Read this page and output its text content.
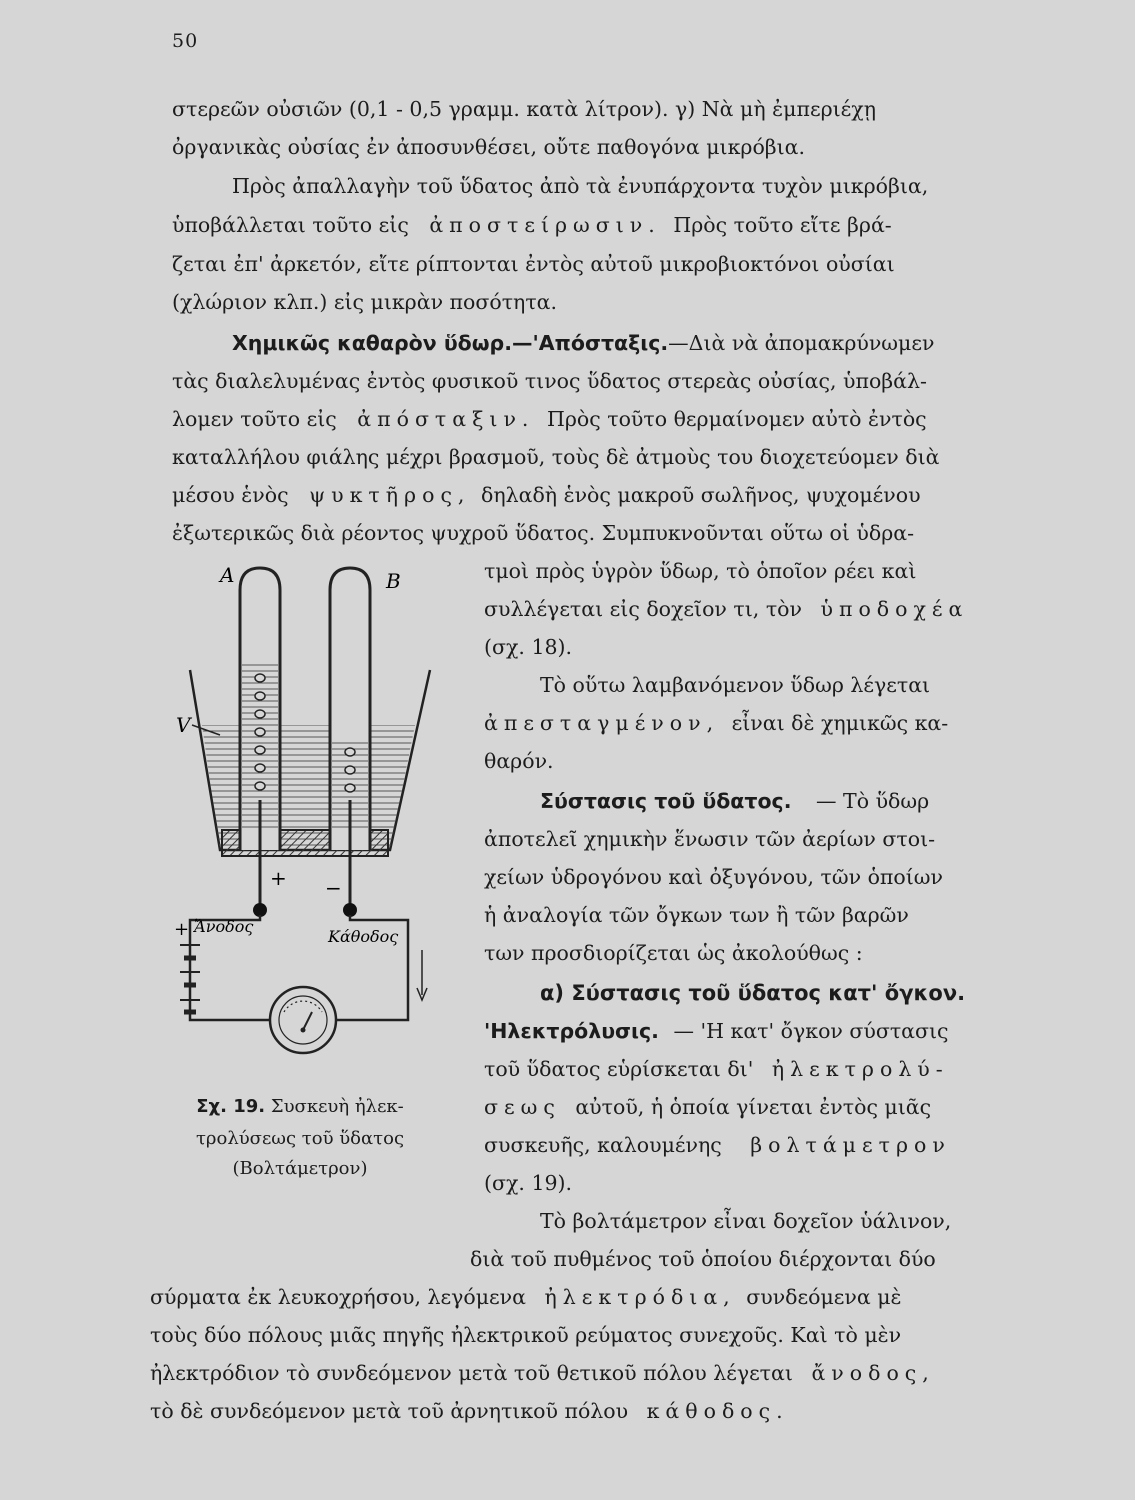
50
στερεῶν οὐσιῶν (0,1 - 0,5 γραμμ. κατὰ λίτρον). γ) Νὰ μὴ ἐμπεριέχῃ
ὀργανικὰς οὐσίας ἐν ἀποσυνθέσει, οὔτε παθογόνα μικρόβια.
Πρὸς ἀπαλλαγὴν τοῦ ὕδατος ἀπὸ τὰ ἐνυπάρχοντα τυχὸν μικρόβια,
ὑποβάλλεται τοῦτο εἰς ἀποστείρωσιν. Πρὸς τοῦτο εἴτε βρά-
ζεται ἐπ' ἀρκετόν, εἴτε ρίπτονται ἐντὸς αὐτοῦ μικροβιοκτόνοι οὐσίαι
(χλώριον κλπ.) εἰς μικρὰν ποσότητα.
Χημικῶς καθαρὸν ὕδωρ.—'Απόσταξις.—Διὰ νὰ ἀπομακρύνωμεν
τὰς διαλελυμένας ἐντὸς φυσικοῦ τινος ὕδατος στερεὰς οὐσίας, ὑποβάλ-
λομεν τοῦτο εἰς ἀπόσταξιν. Πρὸς τοῦτο θερμαίνομεν αὐτὸ ἐντὸς
καταλλήλου φιάλης μέχρι βρασμοῦ, τοὺς δὲ ἀτμοὺς του διοχετεύομεν διὰ
μέσου ἑνὸς ψυκτῆρος, δηλαδὴ ἑνὸς μακροῦ σωλῆνος, ψυχομένου
ἐξωτερικῶς διὰ ρέοντος ψυχροῦ ὕδατος. Συμπυκνοῦνται οὕτω οἱ ὑδρα-
τμοὶ πρὸς ὑγρὸν ὕδωρ, τὸ ὁποῖον ρέει καὶ
συλλέγεται εἰς δοχεῖον τι, τὸν ὑποδοχέα
(σχ. 18).
Τὸ οὕτω λαμβανόμενον ὕδωρ λέγεται
ἀπεσταγμένον, εἶναι δὲ χημικῶς κα-
θαρόν.
Σύστασις τοῦ ὕδατος. — Τὸ ὕδωρ
ἀποτελεῖ χημικὴν ἕνωσιν τῶν ἀερίων στοι-
χείων ὑδρογόνου καὶ ὀξυγόνου, τῶν ὁποίων
ἡ ἀναλογία τῶν ὄγκων των ἢ τῶν βαρῶν
των προσδιορίζεται ὡς ἀκολούθως :
α) Σύστασις τοῦ ὕδατος κατ' ὄγκον.
'Ηλεκτρόλυσις. — 'Η κατ' ὄγκον σύστασις
τοῦ ὕδατος εὑρίσκεται δι' ἠλεκτρολύ-
σεως αὐτοῦ, ἡ ὁποία γίνεται ἐντὸς μιᾶς
συσκευῆς, καλουμένης βολτάμετρον
(σχ. 19).
Τὸ βολτάμετρον εἶναι δοχεῖον ὑάλινον,
διὰ τοῦ πυθμένος τοῦ ὁποίου διέρχονται δύο
σύρματα ἐκ λευκοχρήσου, λεγόμενα ἠλεκτρόδια, συνδεόμενα μὲ
τοὺς δύο πόλους μιᾶς πηγῆς ἠλεκτρικοῦ ρεύματος συνεχοῦς. Καὶ τὸ μὲν
ἠλεκτρόδιον τὸ συνδεόμενον μετὰ τοῦ θετικοῦ πόλου λέγεται ἄνοδος,
τὸ δὲ συνδεόμενον μετὰ τοῦ ἀρνητικοῦ πόλου κάθοδος.
A	B
V
+ −
Ἄνοδος
Κάθοδος
+
Σχ. 19. Συσκευὴ ἠλεκ-
τρολύσεως τοῦ ὕδατος
(Βολτάμετρον)
